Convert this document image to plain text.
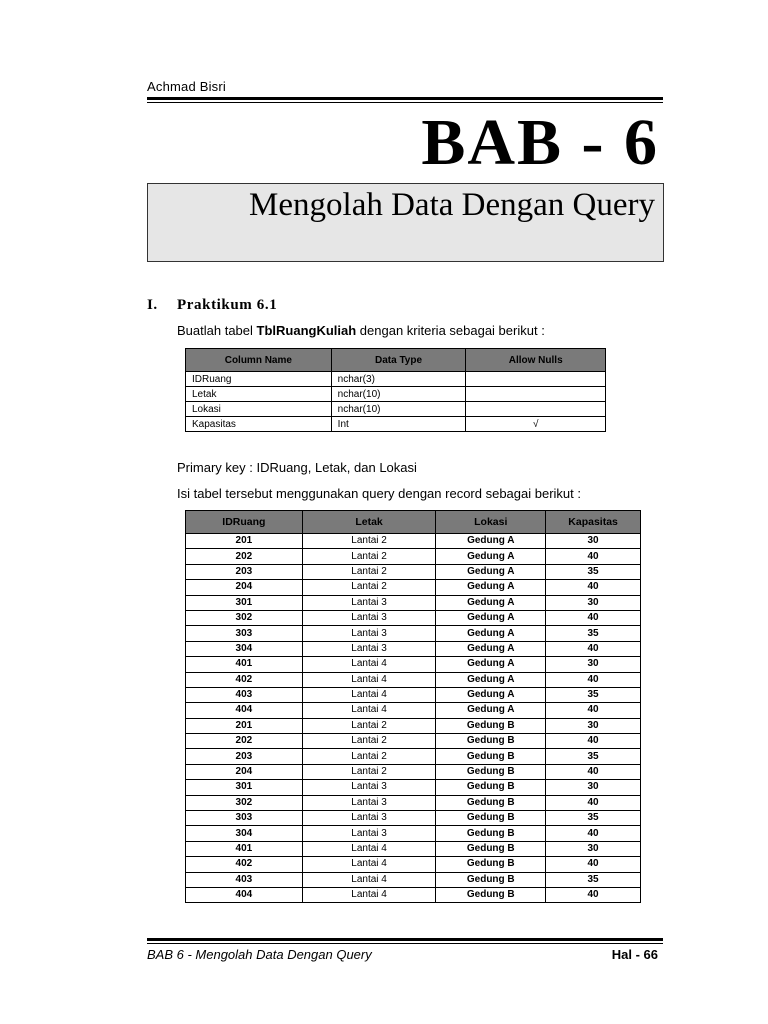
Achmad Bisri
BAB - 6
Mengolah Data Dengan Query
I. Praktikum 6.1
Buatlah tabel TblRuangKuliah dengan kriteria sebagai berikut :
Column Name	Data Type	Allow Nulls
IDRuang	nchar(3)	
Letak	nchar(10)	
Lokasi	nchar(10)	
Kapasitas	Int	√
Primary key : IDRuang, Letak, dan Lokasi
Isi tabel tersebut menggunakan query dengan record sebagai berikut :
IDRuang	Letak	Lokasi	Kapasitas
201	Lantai 2	Gedung A	30
202	Lantai 2	Gedung A	40
203	Lantai 2	Gedung A	35
204	Lantai 2	Gedung A	40
301	Lantai 3	Gedung A	30
302	Lantai 3	Gedung A	40
303	Lantai 3	Gedung A	35
304	Lantai 3	Gedung A	40
401	Lantai 4	Gedung A	30
402	Lantai 4	Gedung A	40
403	Lantai 4	Gedung A	35
404	Lantai 4	Gedung A	40
201	Lantai 2	Gedung B	30
202	Lantai 2	Gedung B	40
203	Lantai 2	Gedung B	35
204	Lantai 2	Gedung B	40
301	Lantai 3	Gedung B	30
302	Lantai 3	Gedung B	40
303	Lantai 3	Gedung B	35
304	Lantai 3	Gedung B	40
401	Lantai 4	Gedung B	30
402	Lantai 4	Gedung B	40
403	Lantai 4	Gedung B	35
404	Lantai 4	Gedung B	40
BAB 6 - Mengolah Data Dengan Query	Hal - 66
